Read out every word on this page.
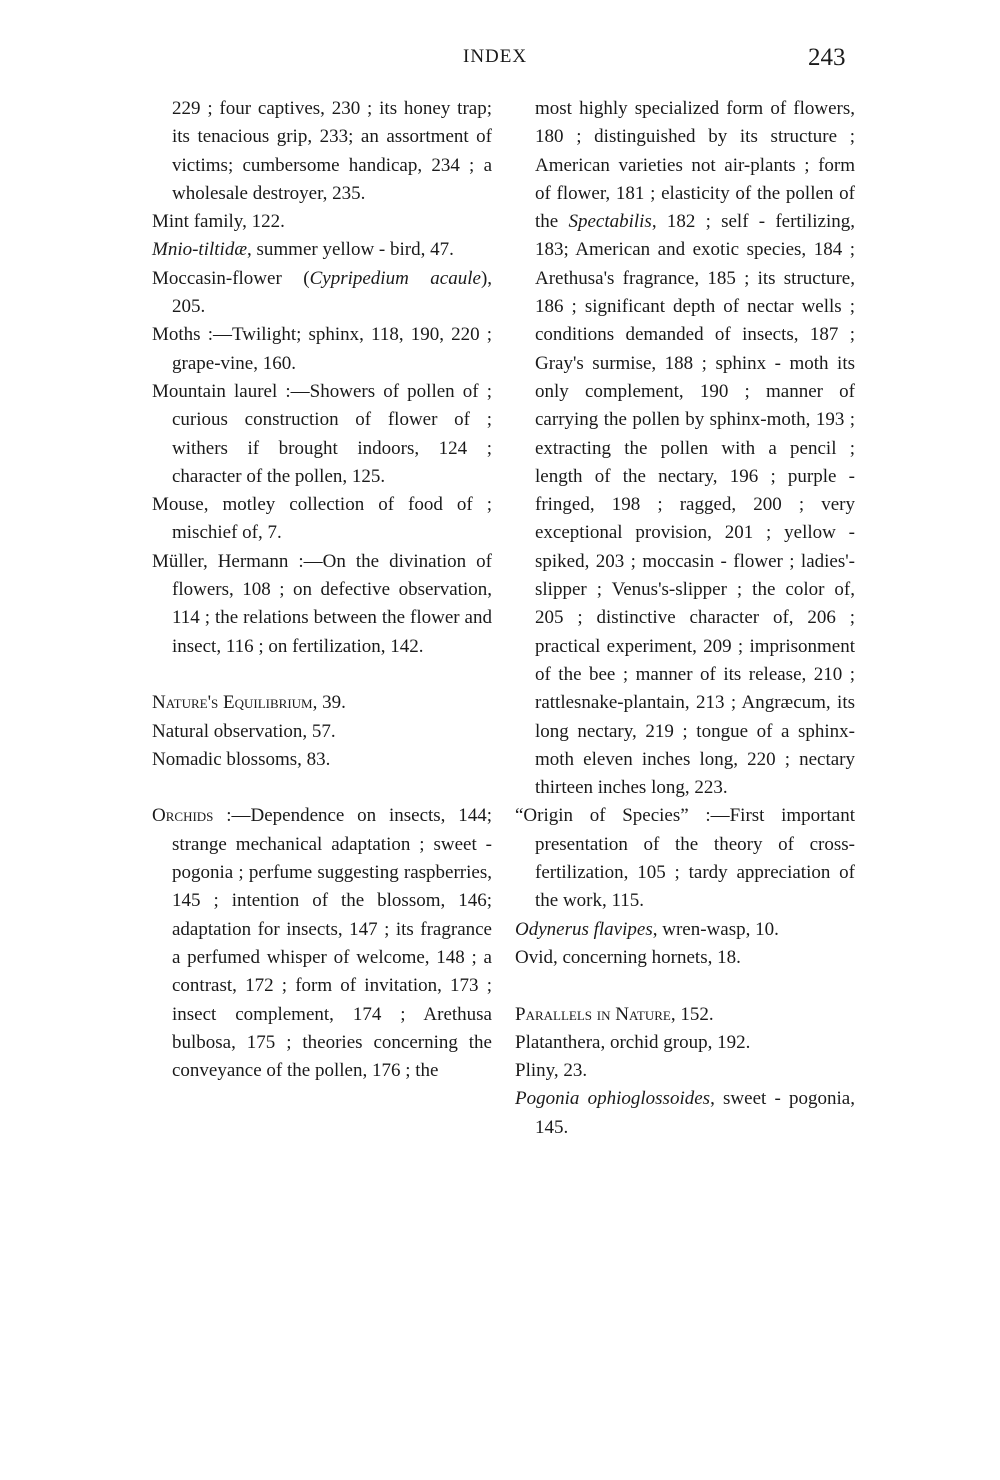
INDEX	243

229 ; four captives, 230 ; its honey trap; its tenacious grip, 233; an assortment of victims; cumbersome handicap, 234 ; a wholesale destroyer, 235.

Mint family, 122.

Mnio-tiltidæ, summer yellow - bird, 47.

Moccasin-flower (Cypripedium acaule), 205.

Moths :—Twilight; sphinx, 118, 190, 220 ; grape-vine, 160.

Mountain laurel :—Showers of pollen of ; curious construction of flower of ; withers if brought indoors, 124 ; character of the pollen, 125.

Mouse, motley collection of food of ; mischief of, 7.

Müller, Hermann :—On the divination of flowers, 108 ; on defective observation, 114 ; the relations between the flower and insect, 116 ; on fertilization, 142.

Nature's Equilibrium, 39.

Natural observation, 57.

Nomadic blossoms, 83.

Orchids :—Dependence on insects, 144; strange mechanical adaptation ; sweet - pogonia ; perfume suggesting raspberries, 145 ; intention of the blossom, 146; adaptation for insects, 147 ; its fragrance a perfumed whisper of welcome, 148 ; a contrast, 172 ; form of invitation, 173 ; insect complement, 174 ; Arethusa bulbosa, 175 ; theories concerning the conveyance of the pollen, 176 ; the

most highly specialized form of flowers, 180 ; distinguished by its structure ; American varieties not air-plants ; form of flower, 181 ; elasticity of the pollen of the Spectabilis, 182 ; self - fertilizing, 183; American and exotic species, 184 ; Arethusa's fragrance, 185 ; its structure, 186 ; significant depth of nectar wells ; conditions demanded of insects, 187 ; Gray's surmise, 188 ; sphinx - moth its only complement, 190 ; manner of carrying the pollen by sphinx-moth, 193 ; extracting the pollen with a pencil ; length of the nectary, 196 ; purple - fringed, 198 ; ragged, 200 ; very exceptional provision, 201 ; yellow - spiked, 203 ; moccasin - flower ; ladies'-slipper ; Venus's-slipper ; the color of, 205 ; distinctive character of, 206 ; practical experiment, 209 ; imprisonment of the bee ; manner of its release, 210 ; rattlesnake-plantain, 213 ; Angræcum, its long nectary, 219 ; tongue of a sphinx-moth eleven inches long, 220 ; nectary thirteen inches long, 223.

“Origin of Species” :—First important presentation of the theory of cross-fertilization, 105 ; tardy appreciation of the work, 115.

Odynerus flavipes, wren-wasp, 10.

Ovid, concerning hornets, 18.

Parallels in Nature, 152.

Platanthera, orchid group, 192.

Pliny, 23.

Pogonia ophioglossoides, sweet - pogonia, 145.
